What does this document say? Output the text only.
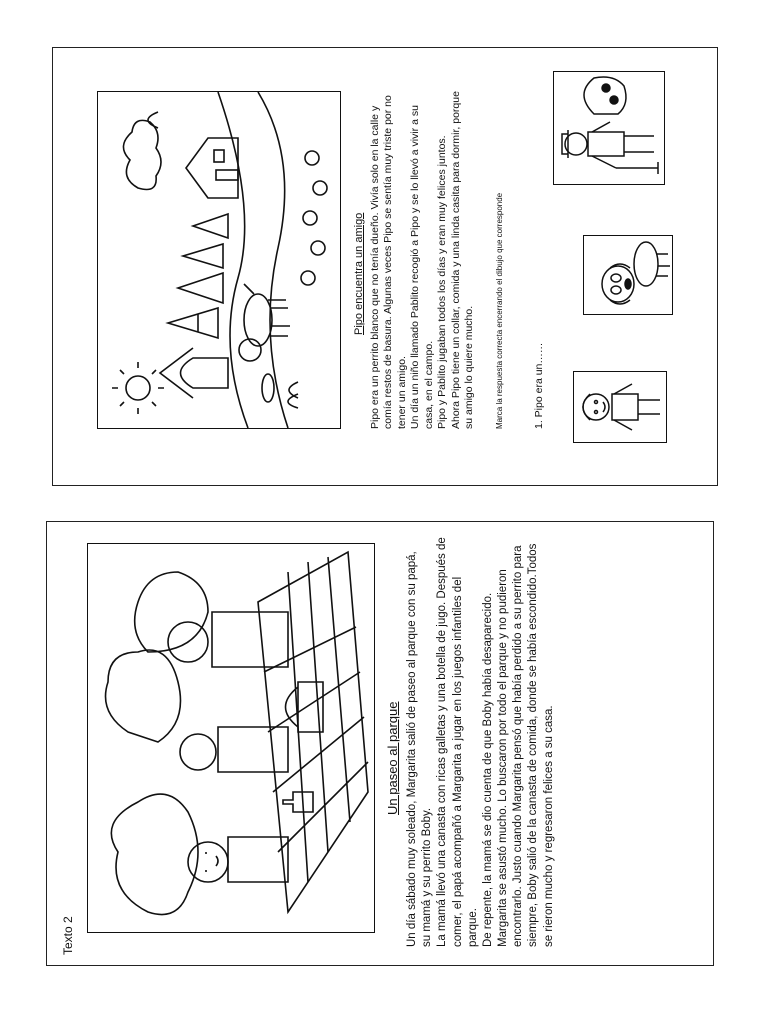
Pipo encuentra un amigo Pipo era un perrito blanco que no tenía dueño. Vivía solo en la calle y comía restos de basura. Algunas veces Pipo se sentía muy triste por no tener un amigo. Un día un niño llamado Pablito recogió a Pipo y se lo llevó a vivir a su casa, en el campo. Pipo y Pablito jugaban todos los días y eran muy felices juntos. Ahora Pipo tiene un collar, comida y una linda casita para dormir, porque su amigo lo quiere mucho. Marca la respuesta correcta encerrando el dibujo que corresponde	1. Pipo era un……
Texto 2
Un paseo al parque Un día sábado muy soleado, Margarita salió de paseo al parque con su papá, su mamá y su perrito Boby. La mamá llevó una canasta con ricas galletas y una botella de jugo. Después de comer, el papá acompañó a Margarita a jugar en los juegos infantiles del parque. De repente, la mamá se dio cuenta de que Boby había desaparecido. Margarita se asustó mucho. Lo buscaron por todo el parque y no pudieron encontrarlo. Justo cuando Margarita pensó que había perdido a su perrito para siempre, Boby salió de la canasta de comida, donde se había escondido.Todos se rieron mucho y regresaron felices a su casa.
